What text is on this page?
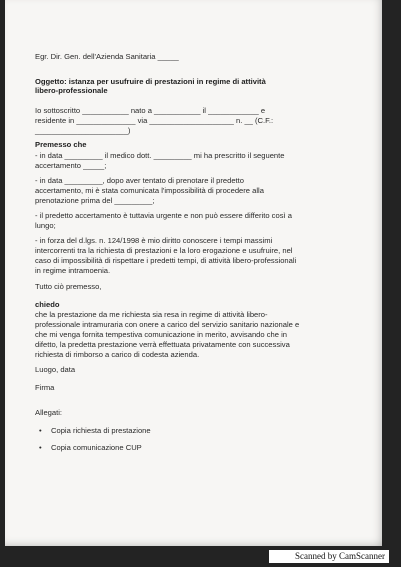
Egr. Dir. Gen. dell'Azienda Sanitaria _____
Oggetto: istanza per usufruire di prestazioni in regime di attività
libero-professionale
Io sottoscritto ___________ nato a ___________ il ____________ e
residente in ______________ via ____________________ n. __ (C.F.:
______________________)
Premesso che
- in data _________ il medico dott. _________ mi ha prescritto il seguente
accertamento _____;
- in data _________, dopo aver tentato di prenotare il predetto
accertamento, mi è stata comunicata l'impossibilità di procedere alla
prenotazione prima del _________;
- il predetto accertamento è tuttavia urgente e non può essere differito così a
lungo;
- in forza del d.lgs. n. 124/1998 è mio diritto conoscere i tempi massimi
intercorrenti tra la richiesta di prestazioni e la loro erogazione e usufruire, nel
caso di impossibilità di rispettare i predetti tempi, di attività libero-professionali
in regime intramoenia.
Tutto ciò premesso,
chiedo
che la prestazione da me richiesta sia resa in regime di attività libero-
professionale intramuraria con onere a carico del servizio sanitario nazionale e
che mi venga fornita tempestiva comunicazione in merito, avvisando che in
difetto, la predetta prestazione verrà effettuata privatamente con successiva
richiesta di rimborso a carico di codesta azienda.
Luogo, data
Firma
Allegati:
• Copia richiesta di prestazione
• Copia comunicazione CUP
Scanned by CamScanner
